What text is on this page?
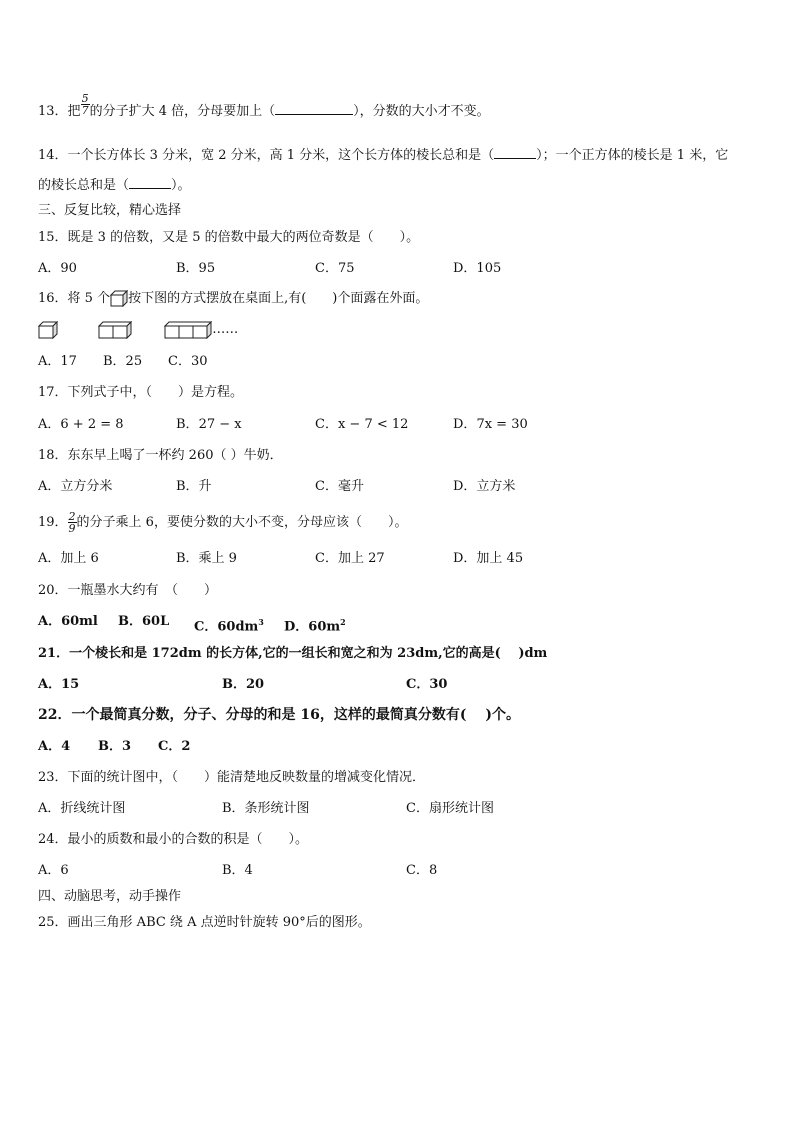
13．把 $\frac{5}{7}$ 的分子扩大 4 倍，分母要加上（	），分数的大小才不变。
14．一个长方体长 3 分米，宽 2 分米，高 1 分米，这个长方体的棱长总和是（	）；一个正方体的棱长是 1 米，它
的棱长总和是（	）。
三、反复比较，精心选择
15．既是 3 的倍数，又是 5 的倍数中最大的两位奇数是（　　）。
A．90	B．95	C．75	D．105
16．将 5 个 按下图的方式摆放在桌面上,有(　　)个面露在外面。
……
A．17 B．25 C．30
17．下列式子中，（　　）是方程。
A．6 + 2 = 8	B．27 − x	C．x − 7 < 12	D．7x = 30
18．东东早上喝了一杯约 260（ ）牛奶．
A．立方分米	B．升	C．毫升	D．立方米
19． $\frac{2}{9}$ 的分子乘上 6，要使分数的大小不变，分母应该（　　）。
A．加上 6	B．乘上 9	C．加上 27	D．加上 45
20．一瓶墨水大约有　（　　）
A．60ml B．60L C．$60dm^3$ D．$60m^2$
21．一个棱长和是 172dm 的长方体,它的一组长和宽之和为 23dm,它的高是(　 )dm
A．15	B．20	C．30
22．一个最简真分数，分子、分母的和是 16，这样的最简真分数有(　 )个。
A．4 B．3 C．2
23．下面的统计图中，（　　）能清楚地反映数量的增减变化情况．
A．折线统计图	B．条形统计图	C．扇形统计图
24．最小的质数和最小的合数的积是（　　）。
A．6	B．4	C．8
四、动脑思考，动手操作
25．画出三角形 ABC 绕 A 点逆时针旋转 90°后的图形。
